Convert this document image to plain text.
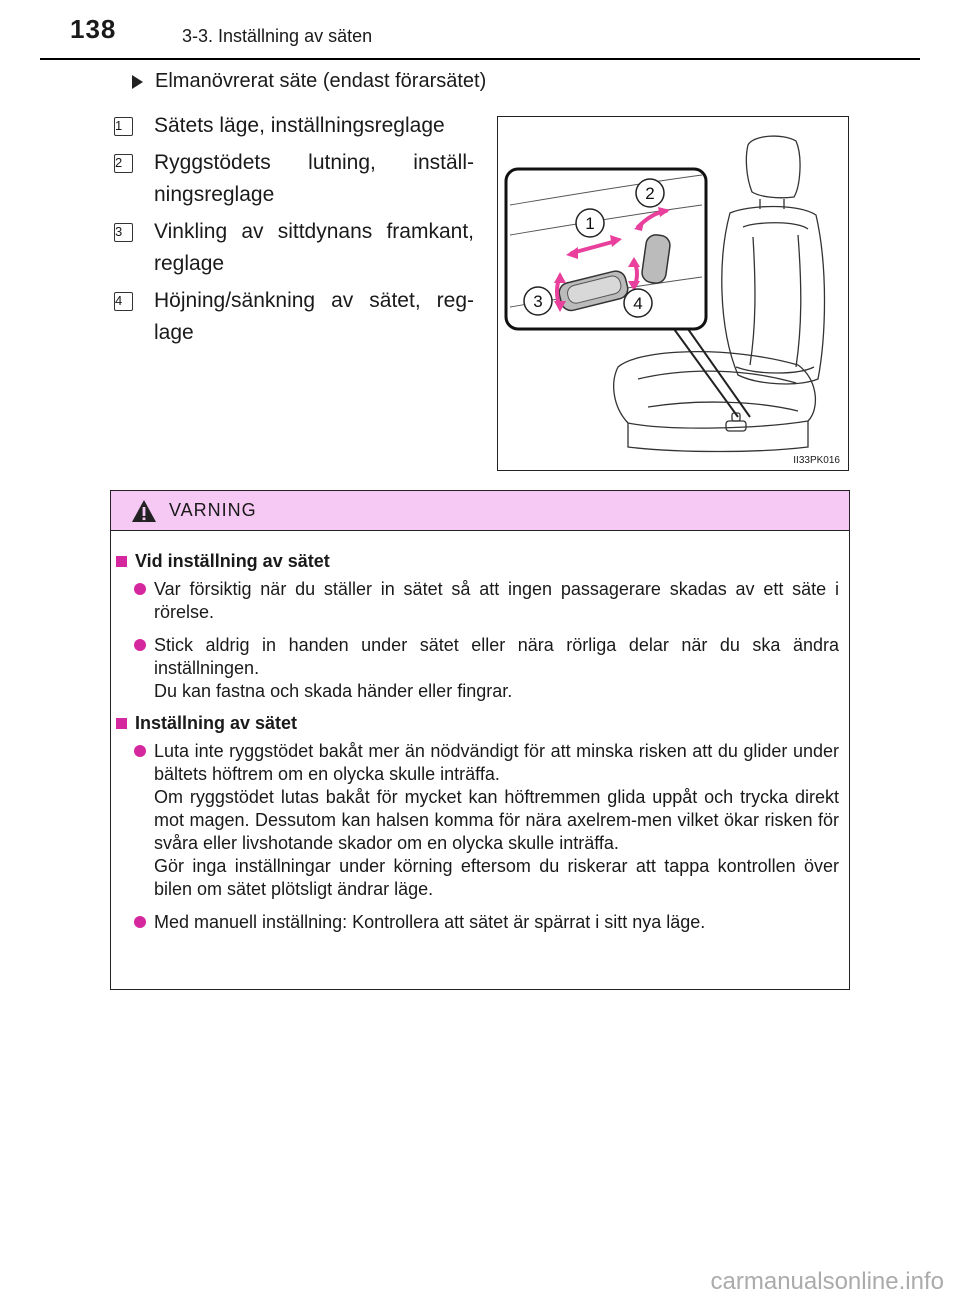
138	3-3. Inställning av säten
Elmanövrerat säte (endast förarsätet)
1	Sätets läge, inställningsreglage
2	Ryggstödets lutning, inställ-ningsreglage
3	Vinkling av sittdynans framkant, reglage
4	Höjning/sänkning av sätet, reg-lage
1
2
3	4
II33PK016
VARNING
Vid inställning av sätet
Var försiktig när du ställer in sätet så att ingen passagerare skadas av ett säte i rörelse.
Stick aldrig in handen under sätet eller nära rörliga delar när du ska ändra inställningen.
Du kan fastna och skada händer eller fingrar.
Inställning av sätet
Luta inte ryggstödet bakåt mer än nödvändigt för att minska risken att du glider under bältets höftrem om en olycka skulle inträffa.
Om ryggstödet lutas bakåt för mycket kan höftremmen glida uppåt och trycka direkt mot magen. Dessutom kan halsen komma för nära axelrem-men vilket ökar risken för svåra eller livshotande skador om en olycka skulle inträffa.
Gör inga inställningar under körning eftersom du riskerar att tappa kontrollen över bilen om sätet plötsligt ändrar läge.
Med manuell inställning: Kontrollera att sätet är spärrat i sitt nya läge.
carmanualsonline.info
